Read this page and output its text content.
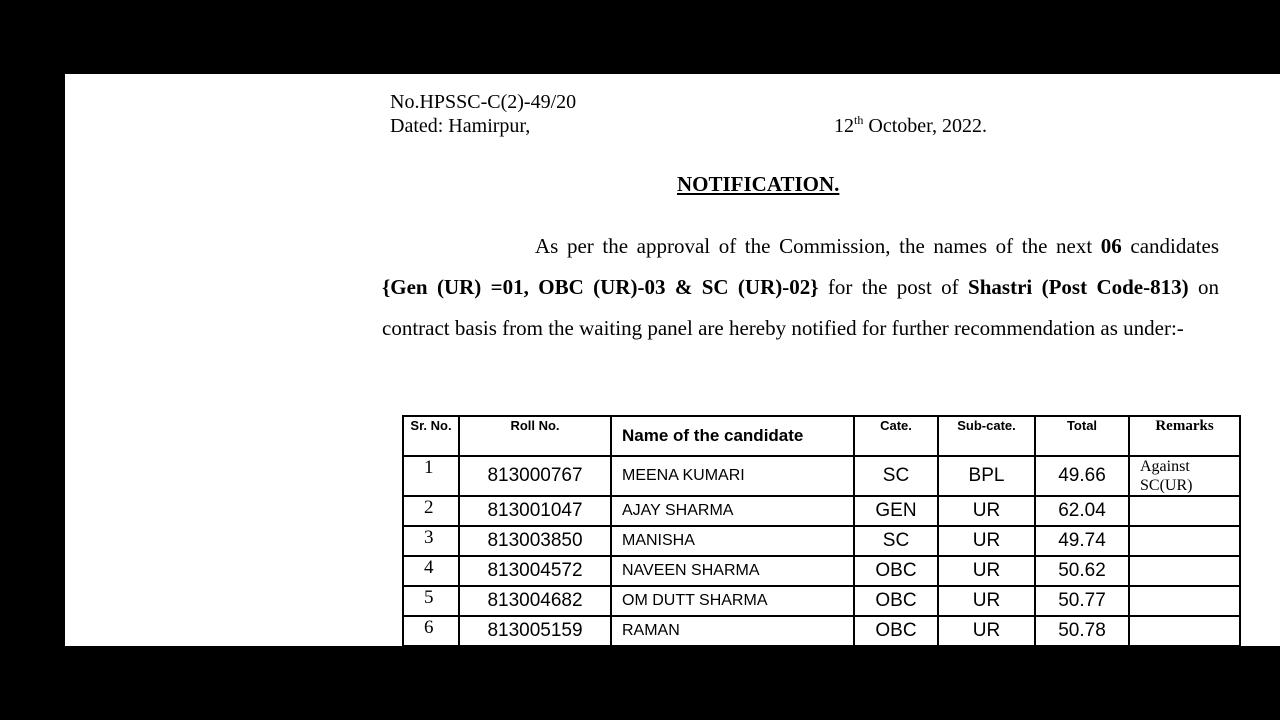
No.HPSSC-C(2)-49/20
Dated: Hamirpur,	12th October, 2022.
NOTIFICATION.
As per the approval of the Commission, the names of the next 06 candidates {Gen (UR) =01, OBC (UR)-03 & SC (UR)-02} for the post of Shastri (Post Code-813) on contract basis from the waiting panel are hereby notified for further recommendation as under:-
Sr. No.	Roll No.	Name of the candidate	Cate.	Sub-cate.	Total	Remarks
1	813000767	MEENA KUMARI	SC	BPL	49.66	Against SC(UR)
2	813001047	AJAY SHARMA	GEN	UR	62.04	
3	813003850	MANISHA	SC	UR	49.74	
4	813004572	NAVEEN SHARMA	OBC	UR	50.62	
5	813004682	OM DUTT SHARMA	OBC	UR	50.77	
6	813005159	RAMAN	OBC	UR	50.78	
